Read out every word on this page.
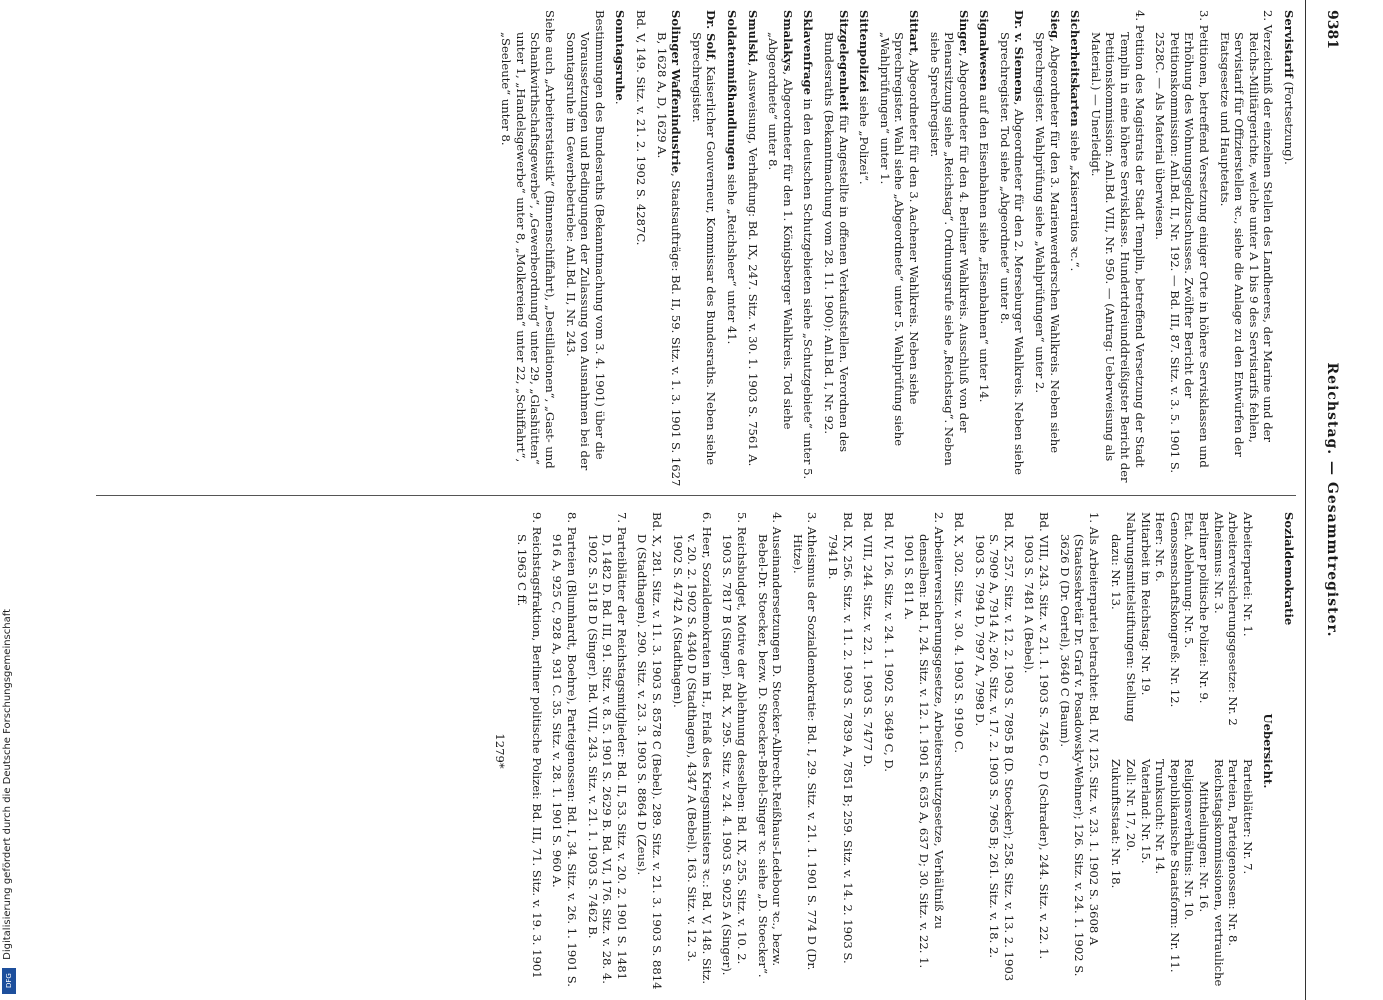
Digitalisierung gefördert durch die Deutsche Forschungsgemeinschaft
DFG
Reichstag. — Gesammtregister.
9381
Sozialdemokratie
Uebersicht.
Arbeiterpartei: Nr. 1.
Arbeiterversicherungsgesetze: Nr. 2
Atheismus: Nr. 3.
Berliner politische Polizei: Nr. 9.
Etat. Ablehnung: Nr. 5.
Genossenschaftskongreß: Nr. 12.
Heer: Nr. 6.
Mitarbeit im Reichstag: Nr. 19.
Nahrungsmittelstiftungen: Stellung dazu: Nr. 13.
Parteiblätter: Nr. 7.
Parteien, Parteigenossen: Nr. 8.
Reichstagskommissionen, vertrauliche Mittheilungen: Nr. 16.
Religionsverhältnis: Nr. 10.
Republikanische Staatsform: Nr. 11.
Trunksucht: Nr. 14.
Vaterland: Nr. 15.
Zoll: Nr. 17, 20.
Zukunftsstaat: Nr. 18.
1. Als Arbeiterpartei betrachtet: Bd. IV, 125. Sitz. v. 23. 1. 1902 S. 3608 A (Staatssekretär Dr. Graf v. Posadowsky-Wehner); 126. Sitz. v. 24. 1. 1902 S. 3626 D (Dr. Oertel), 3640 C (Baum).
Bd. VIII, 243. Sitz. v. 21. 1. 1903 S. 7456 C, D (Schrader), 244. Sitz. v. 22. 1. 1903 S. 7481 A (Bebel).
Bd. IX, 257. Sitz. v. 12. 2. 1903 S. 7895 B (D. Stoecker); 258. Sitz. v. 13. 2. 1903 S. 7909 A, 7914 A; 260. Sitz. v. 17. 2. 1903 S. 7965 B; 261. Sitz. v. 18. 2. 1903 S. 7994 D, 7997 A, 7998 D.
Bd. X, 302. Sitz. v. 30. 4. 1903 S. 9190 C.
2. Arbeiterversicherungsgesetze, Arbeiterschutzgesetze, Verhältniß zu denselben: Bd. I, 24. Sitz. v. 12. 1. 1901 S. 635 A, 637 D; 30. Sitz. v. 22. 1. 1901 S. 811 A.
Bd. IV, 126. Sitz. v. 24. 1. 1902 S. 3649 C, D.
Bd. VIII, 244. Sitz. v. 22. 1. 1903 S. 7477 D.
Bd. IX, 256. Sitz. v. 11. 2. 1903 S. 7839 A, 7851 B; 259. Sitz. v. 14. 2. 1903 S. 7941 B.
3. Atheismus der Sozialdemokratie: Bd. I, 29. Sitz. v. 21. 1. 1901 S. 774 D (Dr. Hitze).
4. Auseinandersetzungen D. Stoecker-Albrecht-Reißhaus-Ledebour ꝛc., bezw. Bebel-Dr. Stoecker, bezw. D. Stoecker-Bebel-Singer ꝛc. siehe „D. Stoecker“.
5. Reichsbudget, Motive der Ablehnung desselben: Bd. IX, 255. Sitz. v. 10. 2. 1903 S. 7817 B (Singer). Bd. X, 295. Sitz. v. 24. 4. 1903 S. 9025 A (Singer).
6. Heer, Sozialdemokraten im H., Erlaß des Kriegsministers ꝛc.: Bd. V, 148. Sitz. v. 20. 2. 1902 S. 4340 D (Stadthagen), 4347 A (Bebel). 163. Sitz. v. 12. 3. 1902 S. 4742 A (Stadthagen).
Bd. X, 281. Sitz. v. 11. 3. 1903 S. 8578 C (Bebel). 289. Sitz. v. 21. 3. 1903 S. 8814 D (Stadthagen). 290. Sitz. v. 23. 3. 1903 S. 8864 D (Zeus).
7. Parteiblätter der Reichstagsmitglieder: Bd. II, 53. Sitz. v. 20. 2. 1901 S. 1481 D, 1482 D. Bd. III, 91. Sitz. v. 8. 5. 1901 S. 2629 B. Bd. VI, 176. Sitz. v. 28. 4. 1902 S. 5118 D (Singer). Bd. VIII, 243. Sitz. v. 21. 1. 1903 S. 7462 B.
8. Parteien (Blumhardt, Boehre), Parteigenossen: Bd. I, 34. Sitz. v. 26. 1. 1901 S. 916 A, 925 C, 928 A, 931 C. 35. Sitz. v. 28. 1. 1901 S. 960 A.
9. Reichstagsfraktion, Berliner politische Polizei: Bd. III, 71. Sitz. v. 19. 3. 1901 S. 1963 C ff.
1279*
Servistarif (Fortsetzung).
2. Verzeichniß der einzelnen Stellen des Landheeres, der Marine und der Reichs-Militärgerichte, welche unter A 1 bis 9 des Servistarifs fehlen, Servistarif für Offizierstellen ꝛc., siehe die Anlage zu den Entwürfen der Etatsgesetze und Hauptetats.
3. Petitionen, betreffend Versetzung einiger Orte in höhere Servisklassen und Erhöhung des Wohnungsgeldzuschusses. Zwölfter Bericht der Petitionskommission: Anl.Bd. II, Nr. 192. — Bd. III, 87. Sitz. v. 3. 5. 1901 S. 2528C. — Als Material überwiesen.
4. Petition des Magistrats der Stadt Templin, betreffend Versetzung der Stadt Templin in eine höhere Servisklasse. Hundertdreiunddreißigster Bericht der Petitionskommission: Anl.Bd. VIII, Nr. 950. — (Antrag: Ueberweisung als Material.) — Unerledigt.
Sicherheitskarten siehe „Kaiserratios ꝛc.“.
Sieg, Abgeordneter für den 3. Marienwerderschen Wahlkreis. Neben siehe Sprechregister. Wahlprüfung siehe „Wahlprüfungen“ unter 2.
Dr. v. Siemens, Abgeordneter für den 2. Merseburger Wahlkreis. Neben siehe Sprechregister. Tod siehe „Abgeordnete“ unter 8.
Signalwesen auf den Eisenbahnen siehe „Eisenbahnen“ unter 14.
Singer, Abgeordneter für den 4. Berliner Wahlkreis. Ausschluß von der Plenarsitzung siehe „Reichstag“. Ordnungsrufe siehe „Reichstag“. Neben siehe Sprechregister.
Sittart, Abgeordneter für den 3. Aachener Wahlkreis. Neben siehe Sprechregister. Wahl siehe „Abgeordnete“ unter 5. Wahlprüfung siehe „Wahlprüfungen“ unter 1.
Sittenpolizei siehe „Polizei“.
Sitzgelegenheit für Angestellte in offenen Verkaufsstellen. Verordnen des Bundesraths (Bekanntmachung vom 28. 11. 1900): Anl.Bd. I, Nr. 92.
Sklavenfrage in den deutschen Schutzgebieten siehe „Schutzgebiete“ unter 5.
Smalakys, Abgeordneter für den 1. Königsberger Wahlkreis. Tod siehe „Abgeordnete“ unter 8.
Smulski, Ausweisung, Verhaftung: Bd. IX, 247. Sitz. v. 30. 1. 1903 S. 7561 A.
Soldatenmißhandlungen siehe „Reichsheer“ unter 41.
Dr. Solf, Kaiserlicher Gouverneur, Kommissar des Bundesraths. Neben siehe Sprechregister.
Solinger Waffenindustrie, Staatsaufträge: Bd. II, 59. Sitz. v. 1. 3. 1901 S. 1627 B, 1628 A, D, 1629 A.
Bd. V, 149. Sitz. v. 21. 2. 1902 S. 4287C.
Sonntagsruhe.
Bestimmungen des Bundesraths (Bekanntmachung vom 3. 4. 1901) über die Voraussetzungen und Bedingungen der Zulassung von Ausnahmen bei der Sonntagsruhe im Gewerbebetriebe: Anl.Bd. II, Nr. 243.
Siehe auch „Arbeiterstatistik“ (Binnenschiffahrt), „Destillationen“, „Gast- und Schankwirthschaftsgewerbe“, „Gewerbeordnung“ unter 29, „Glashütten“ unter 1, „Handelsgewerbe“ unter 8, „Molkereien“ unter 22, „Schiffahrt“, „Seeleute“ unter 8.
